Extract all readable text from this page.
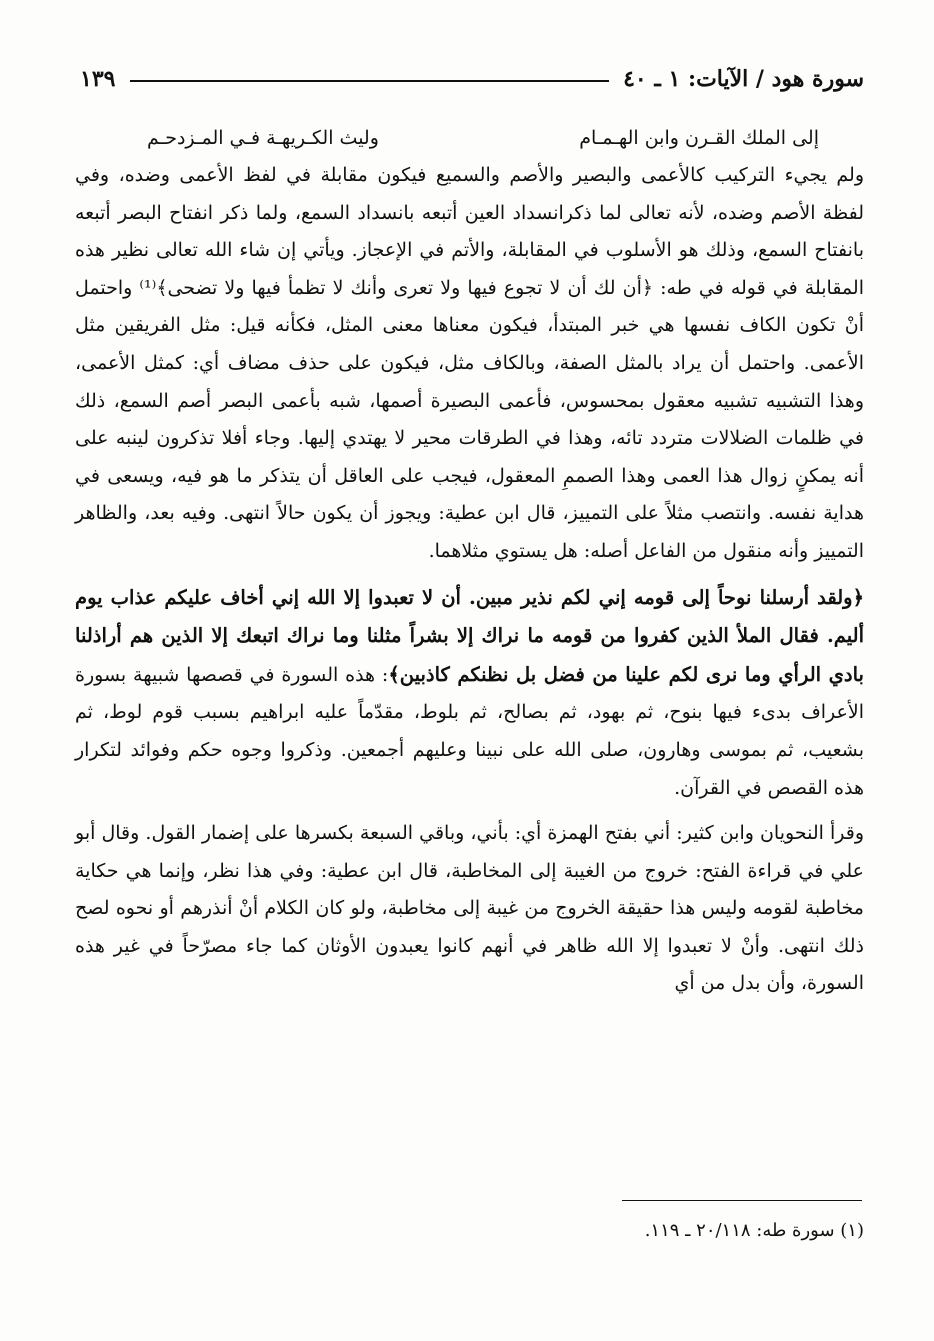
سورة هود / الآيات: ١ ـ ٤٠
١٣٩
إلى الملك القـرن وابن الهـمـام
وليث الكـريهـة فـي المـزدحـم

ولم يجيء التركيب كالأعمى والبصير والأصم والسميع فيكون مقابلة في لفظ الأعمى وضده، وفي لفظة الأصم وضده، لأنه تعالى لما ذكرانسداد العين أتبعه بانسداد السمع، ولما ذكر انفتاح البصر أتبعه بانفتاح السمع، وذلك هو الأسلوب في المقابلة، والأتم في الإعجاز. ويأتي إن شاء الله تعالى نظير هذه المقابلة في قوله في طه: ﴿أن لك أن لا تجوع فيها ولا تعرى وأنك لا تظمأ فيها ولا تضحى﴾⁽¹⁾ واحتمل أنْ تكون الكاف نفسها هي خبر المبتدأ، فيكون معناها معنى المثل، فكأنه قيل: مثل الفريقين مثل الأعمى. واحتمل أن يراد بالمثل الصفة، وبالكاف مثل، فيكون على حذف مضاف أي: كمثل الأعمى، وهذا التشبيه تشبيه معقول بمحسوس، فأعمى البصيرة أصمها، شبه بأعمى البصر أصم السمع، ذلك في ظلمات الضلالات متردد تائه، وهذا في الطرقات محير لا يهتدي إليها. وجاء أفلا تذكرون لينبه على أنه يمكنٍ زوال هذا العمى وهذا الصممِ المعقول، فيجب على العاقل أن يتذكر ما هو فيه، ويسعى في هداية نفسه. وانتصب مثلاً على التمييز، قال ابن عطية: ويجوز أن يكون حالاً انتهى. وفيه بعد، والظاهر التمييز وأنه منقول من الفاعل أصله: هل يستوي مثلاهما.

﴿ولقد أرسلنا نوحاً إلى قومه إني لكم نذير مبين. أن لا تعبدوا إلا الله إني أخاف عليكم عذاب يوم أليم. فقال الملأ الذين كفروا من قومه ما نراك إلا بشراً مثلنا وما نراك اتبعك إلا الذين هم أراذلنا بادي الرأي وما نرى لكم علينا من فضل بل نظنكم كاذبين﴾: هذه السورة في قصصها شبيهة بسورة الأعراف بدىء فيها بنوح، ثم بهود، ثم بصالح، ثم بلوط، مقدّماً عليه ابراهيم بسبب قوم لوط، ثم بشعيب، ثم بموسى وهارون، صلى الله على نبينا وعليهم أجمعين. وذكروا وجوه حكم وفوائد لتكرار هذه القصص في القرآن.

وقرأ النحويان وابن كثير: أني بفتح الهمزة أي: بأني، وباقي السبعة بكسرها على إضمار القول. وقال أبو علي في قراءة الفتح: خروج من الغيبة إلى المخاطبة، قال ابن عطية: وفي هذا نظر، وإنما هي حكاية مخاطبة لقومه وليس هذا حقيقة الخروج من غيبة إلى مخاطبة، ولو كان الكلام أنْ أنذرهم أو نحوه لصح ذلك انتهى. وأنْ لا تعبدوا إلا الله ظاهر في أنهم كانوا يعبدون الأوثان كما جاء مصرّحاً في غير هذه السورة، وأن بدل من أي

(١) سورة طه: ٢٠/١١٨ ـ ١١٩.
